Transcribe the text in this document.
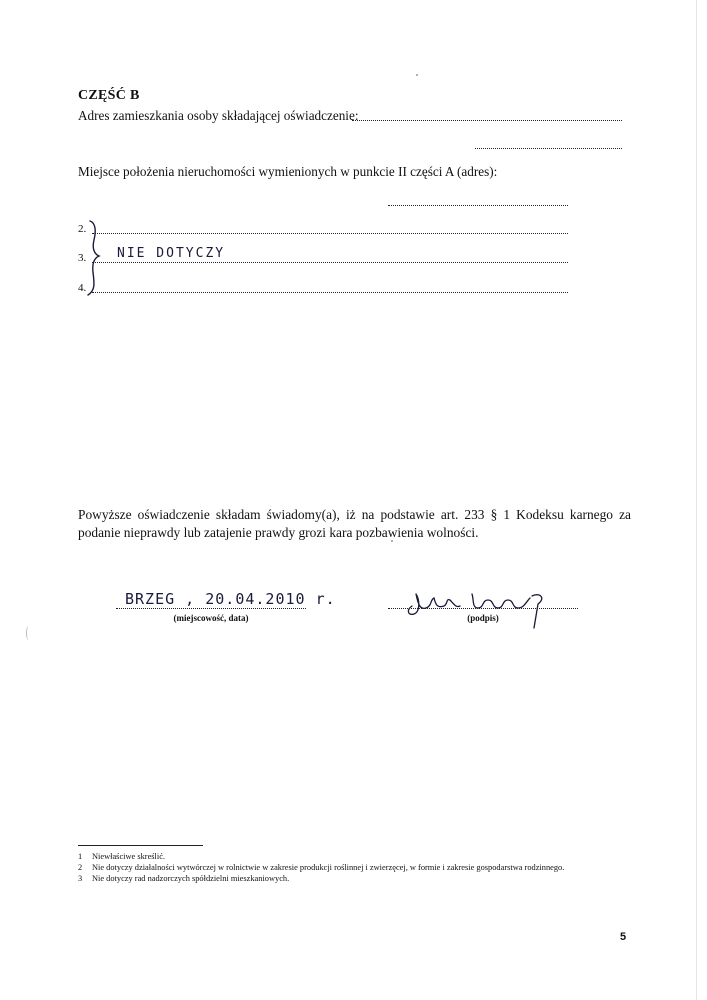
CZĘŚĆ B
Adres zamieszkania osoby składającej oświadczenie:
Miejsce położenia nieruchomości wymienionych w punkcie II części A (adres):
2.
3.
4.
NIE DOTYCZY
Powyższe oświadczenie składam świadomy(a), iż na podstawie art. 233 § 1 Kodeksu karnego za podanie nieprawdy lub zatajenie prawdy grozi kara pozbawienia wolności.
BRZEG , 20.04.2010 r.
(miejscowość, data)	(podpis)
1 Niewłaściwe skreślić.
2 Nie dotyczy działalności wytwórczej w rolnictwie w zakresie produkcji roślinnej i zwierzęcej, w formie i zakresie gospodarstwa rodzinnego.
3 Nie dotyczy rad nadzorczych spółdzielni mieszkaniowych.
5
